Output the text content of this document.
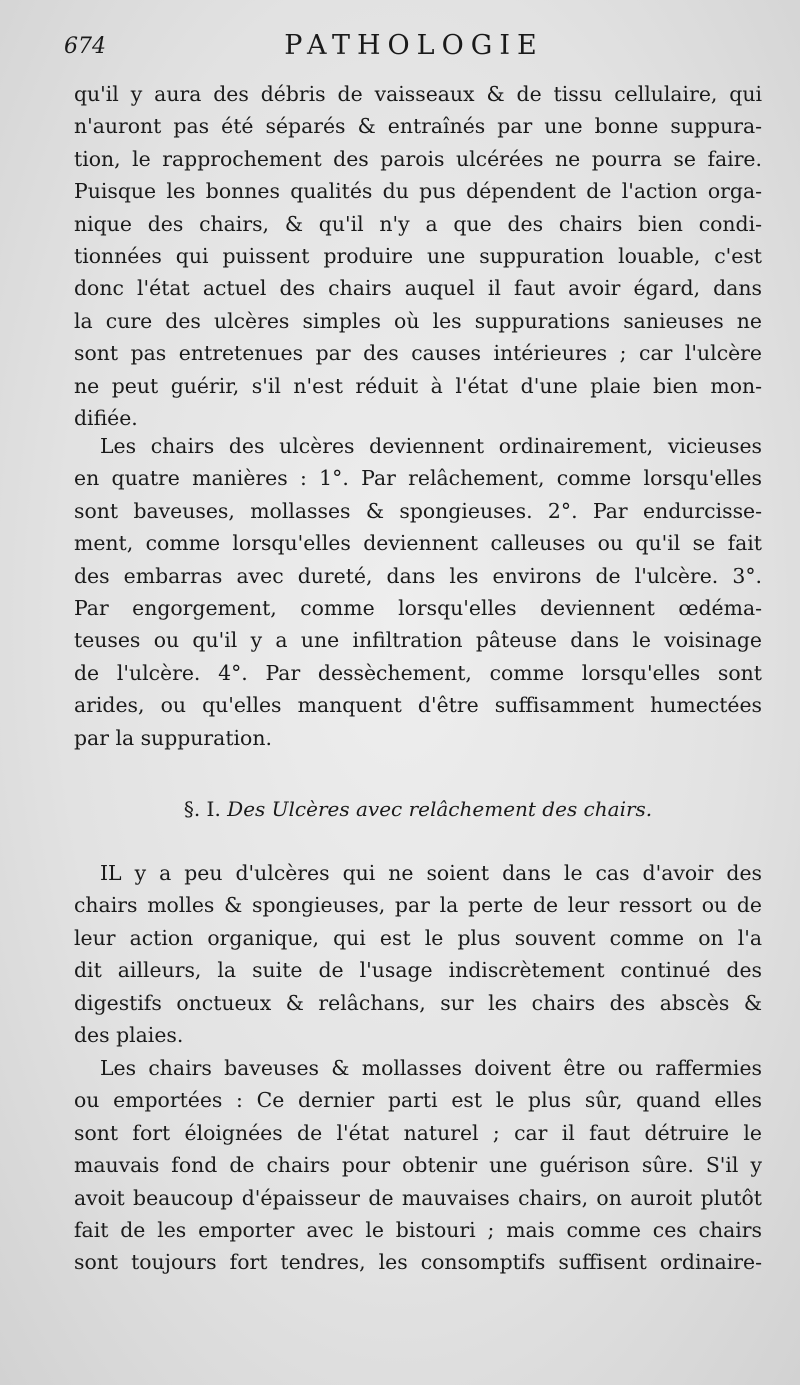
674	PATHOLOGIE
qu'il y aura des débris de vaisseaux & de tissu cellulaire, qui
n'auront pas été séparés & entraînés par une bonne suppura-
tion, le rapprochement des parois ulcérées ne pourra se faire.
Puisque les bonnes qualités du pus dépendent de l'action orga-
nique des chairs, & qu'il n'y a que des chairs bien condi-
tionnées qui puissent produire une suppuration louable, c'est
donc l'état actuel des chairs auquel il faut avoir égard, dans
la cure des ulcères simples où les suppurations sanieuses ne
sont pas entretenues par des causes intérieures ; car l'ulcère
ne peut guérir, s'il n'est réduit à l'état d'une plaie bien mon-
difiée.
Les chairs des ulcères deviennent ordinairement, vicieuses
en quatre manières : 1°. Par relâchement, comme lorsqu'elles
sont baveuses, mollasses & spongieuses. 2°. Par endurcisse-
ment, comme lorsqu'elles deviennent calleuses ou qu'il se fait
des embarras avec dureté, dans les environs de l'ulcère. 3°.
Par engorgement, comme lorsqu'elles deviennent œdéma-
teuses ou qu'il y a une infiltration pâteuse dans le voisinage
de l'ulcère. 4°. Par dessèchement, comme lorsqu'elles sont
arides, ou qu'elles manquent d'être suffisamment humectées
par la suppuration.
§. I. Des Ulcères avec relâchement des chairs.
IL y a peu d'ulcères qui ne soient dans le cas d'avoir des
chairs molles & spongieuses, par la perte de leur ressort ou de
leur action organique, qui est le plus souvent comme on l'a
dit ailleurs, la suite de l'usage indiscrètement continué des
digestifs onctueux & relâchans, sur les chairs des abscès &
des plaies.
Les chairs baveuses & mollasses doivent être ou raffermies
ou emportées : Ce dernier parti est le plus sûr, quand elles
sont fort éloignées de l'état naturel ; car il faut détruire le
mauvais fond de chairs pour obtenir une guérison sûre. S'il y
avoit beaucoup d'épaisseur de mauvaises chairs, on auroit plutôt
fait de les emporter avec le bistouri ; mais comme ces chairs
sont toujours fort tendres, les consomptifs suffisent ordinaire-
